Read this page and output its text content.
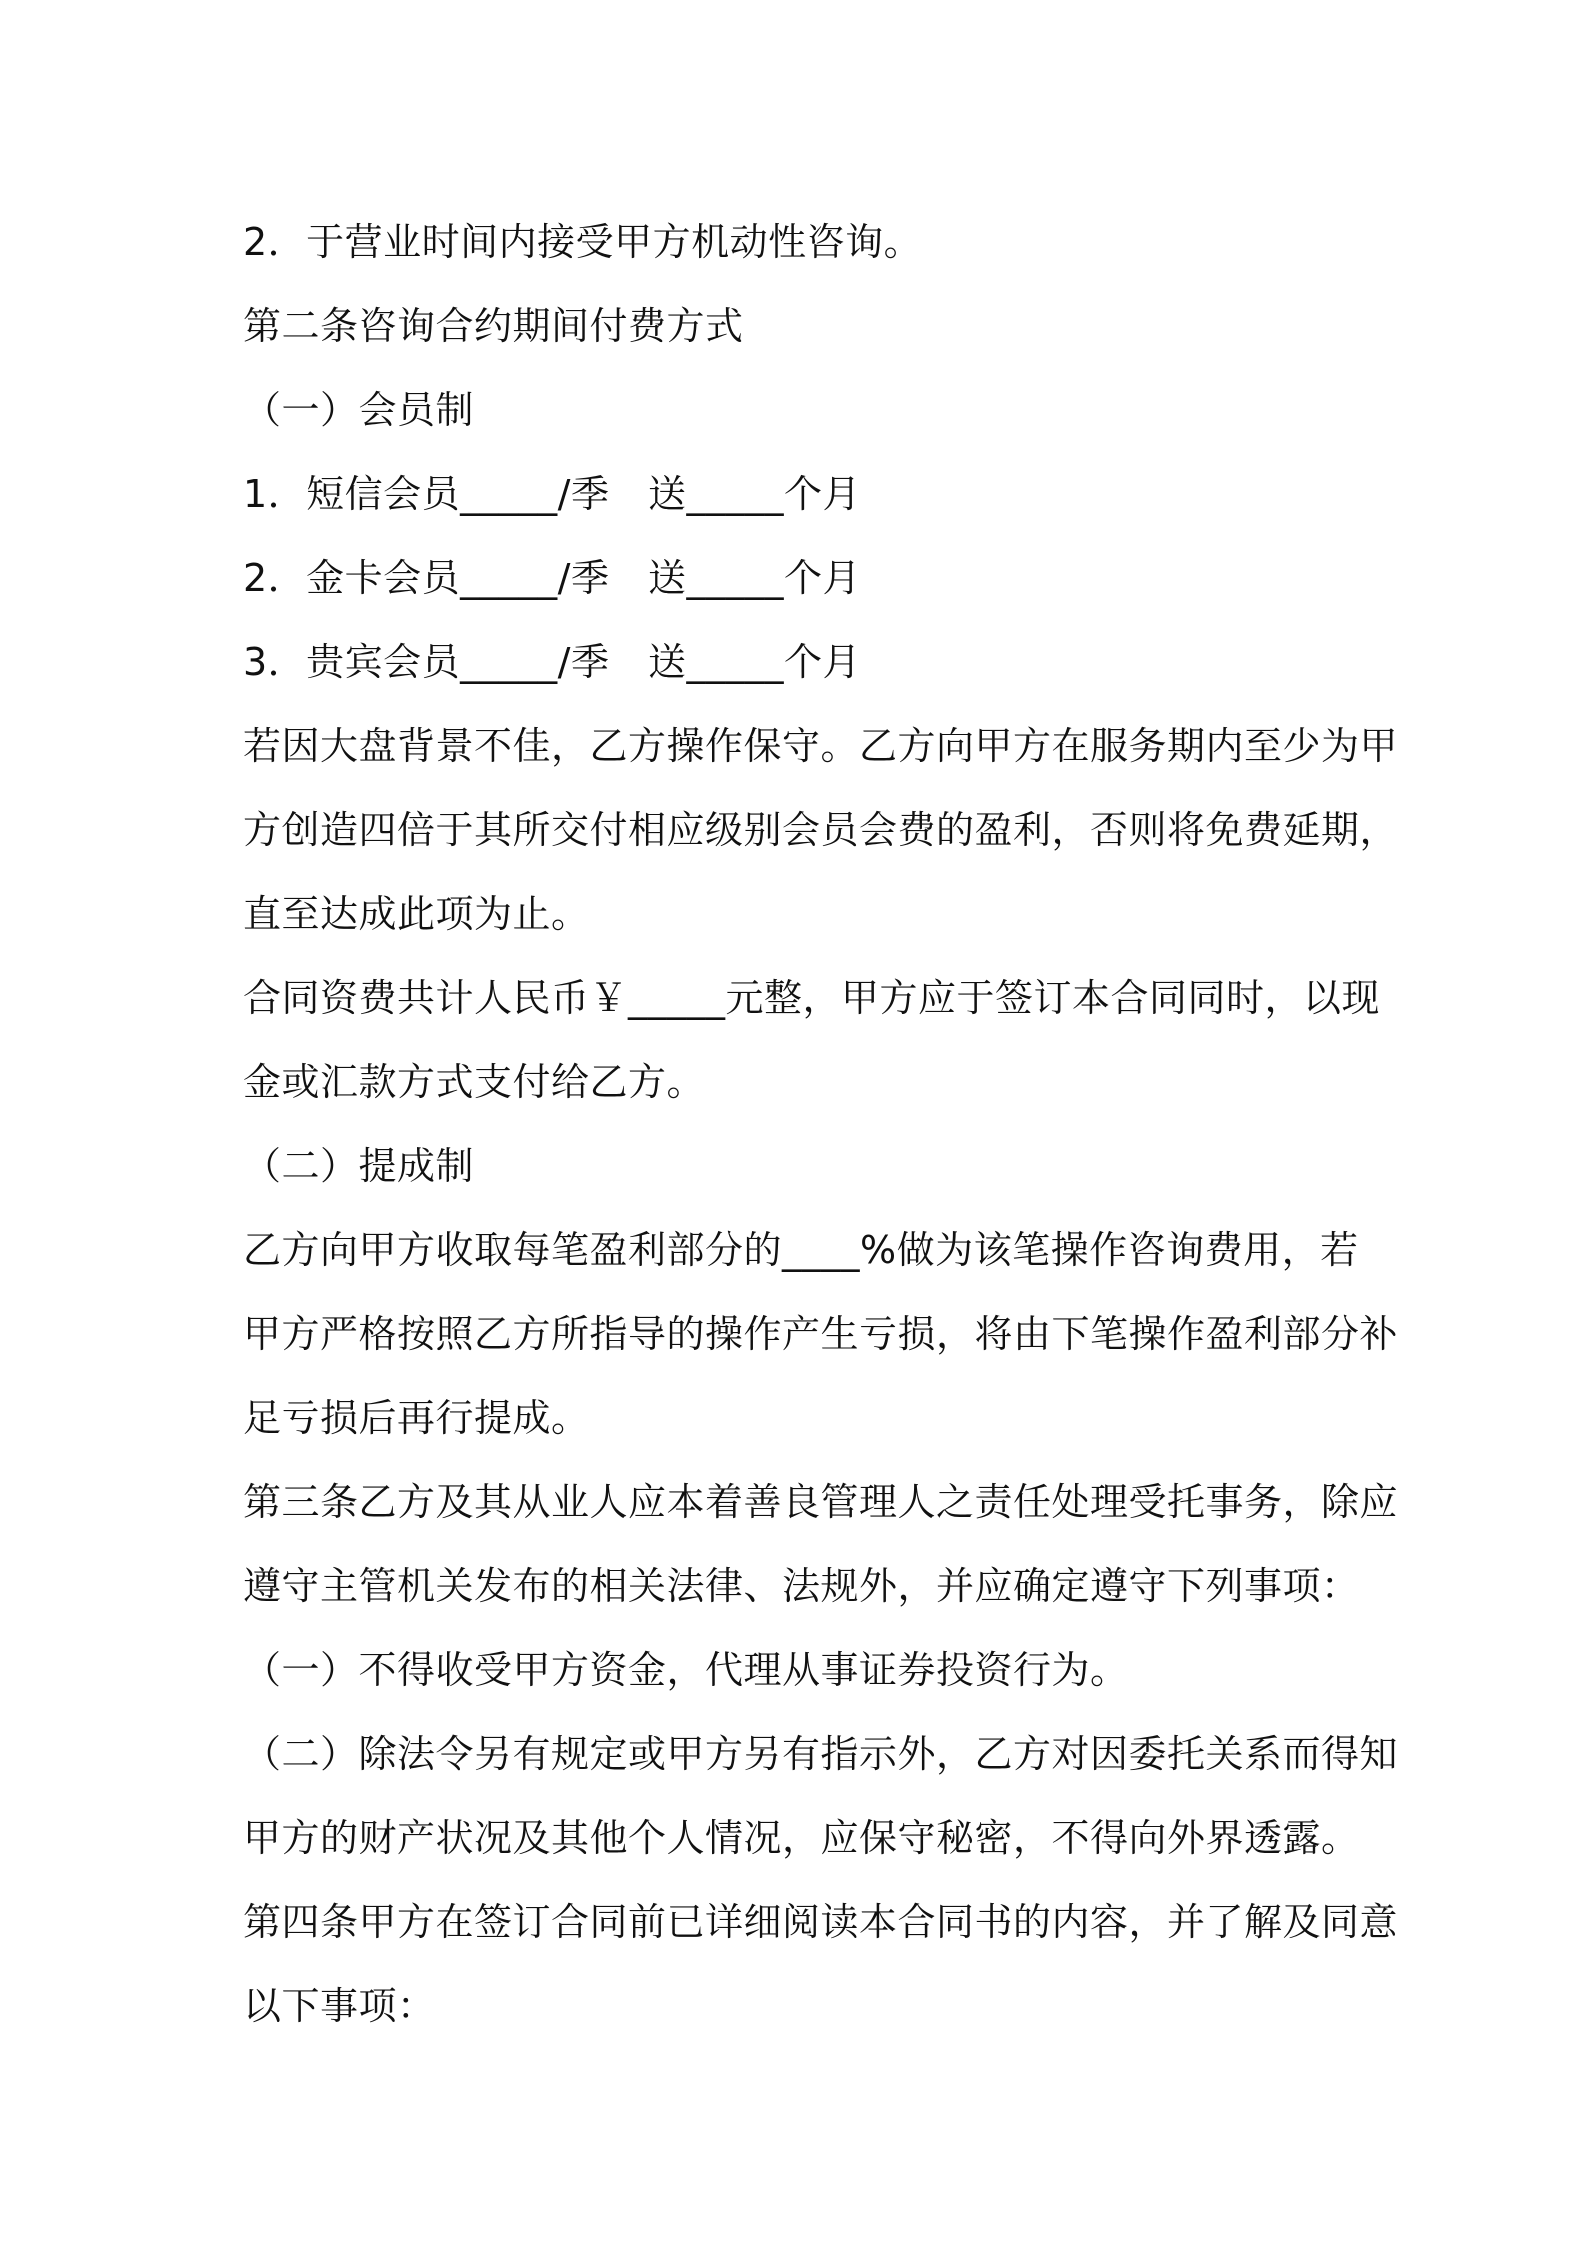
2．于营业时间内接受甲方机动性咨询。
第二条咨询合约期间付费方式
（一）会员制
1．短信会员_____/季　送_____个月
2．金卡会员_____/季　送_____个月
3．贵宾会员_____/季　送_____个月
若因大盘背景不佳，乙方操作保守。乙方向甲方在服务期内至少为甲
方创造四倍于其所交付相应级别会员会费的盈利，否则将免费延期，
直至达成此项为止。
合同资费共计人民币￥_____元整，甲方应于签订本合同同时，以现
金或汇款方式支付给乙方。
（二）提成制
乙方向甲方收取每笔盈利部分的____%做为该笔操作咨询费用，若
甲方严格按照乙方所指导的操作产生亏损，将由下笔操作盈利部分补
足亏损后再行提成。
第三条乙方及其从业人应本着善良管理人之责任处理受托事务，除应
遵守主管机关发布的相关法律、法规外，并应确定遵守下列事项：
（一）不得收受甲方资金，代理从事证券投资行为。
（二）除法令另有规定或甲方另有指示外，乙方对因委托关系而得知
甲方的财产状况及其他个人情况，应保守秘密，不得向外界透露。
第四条甲方在签订合同前已详细阅读本合同书的内容，并了解及同意
以下事项：
